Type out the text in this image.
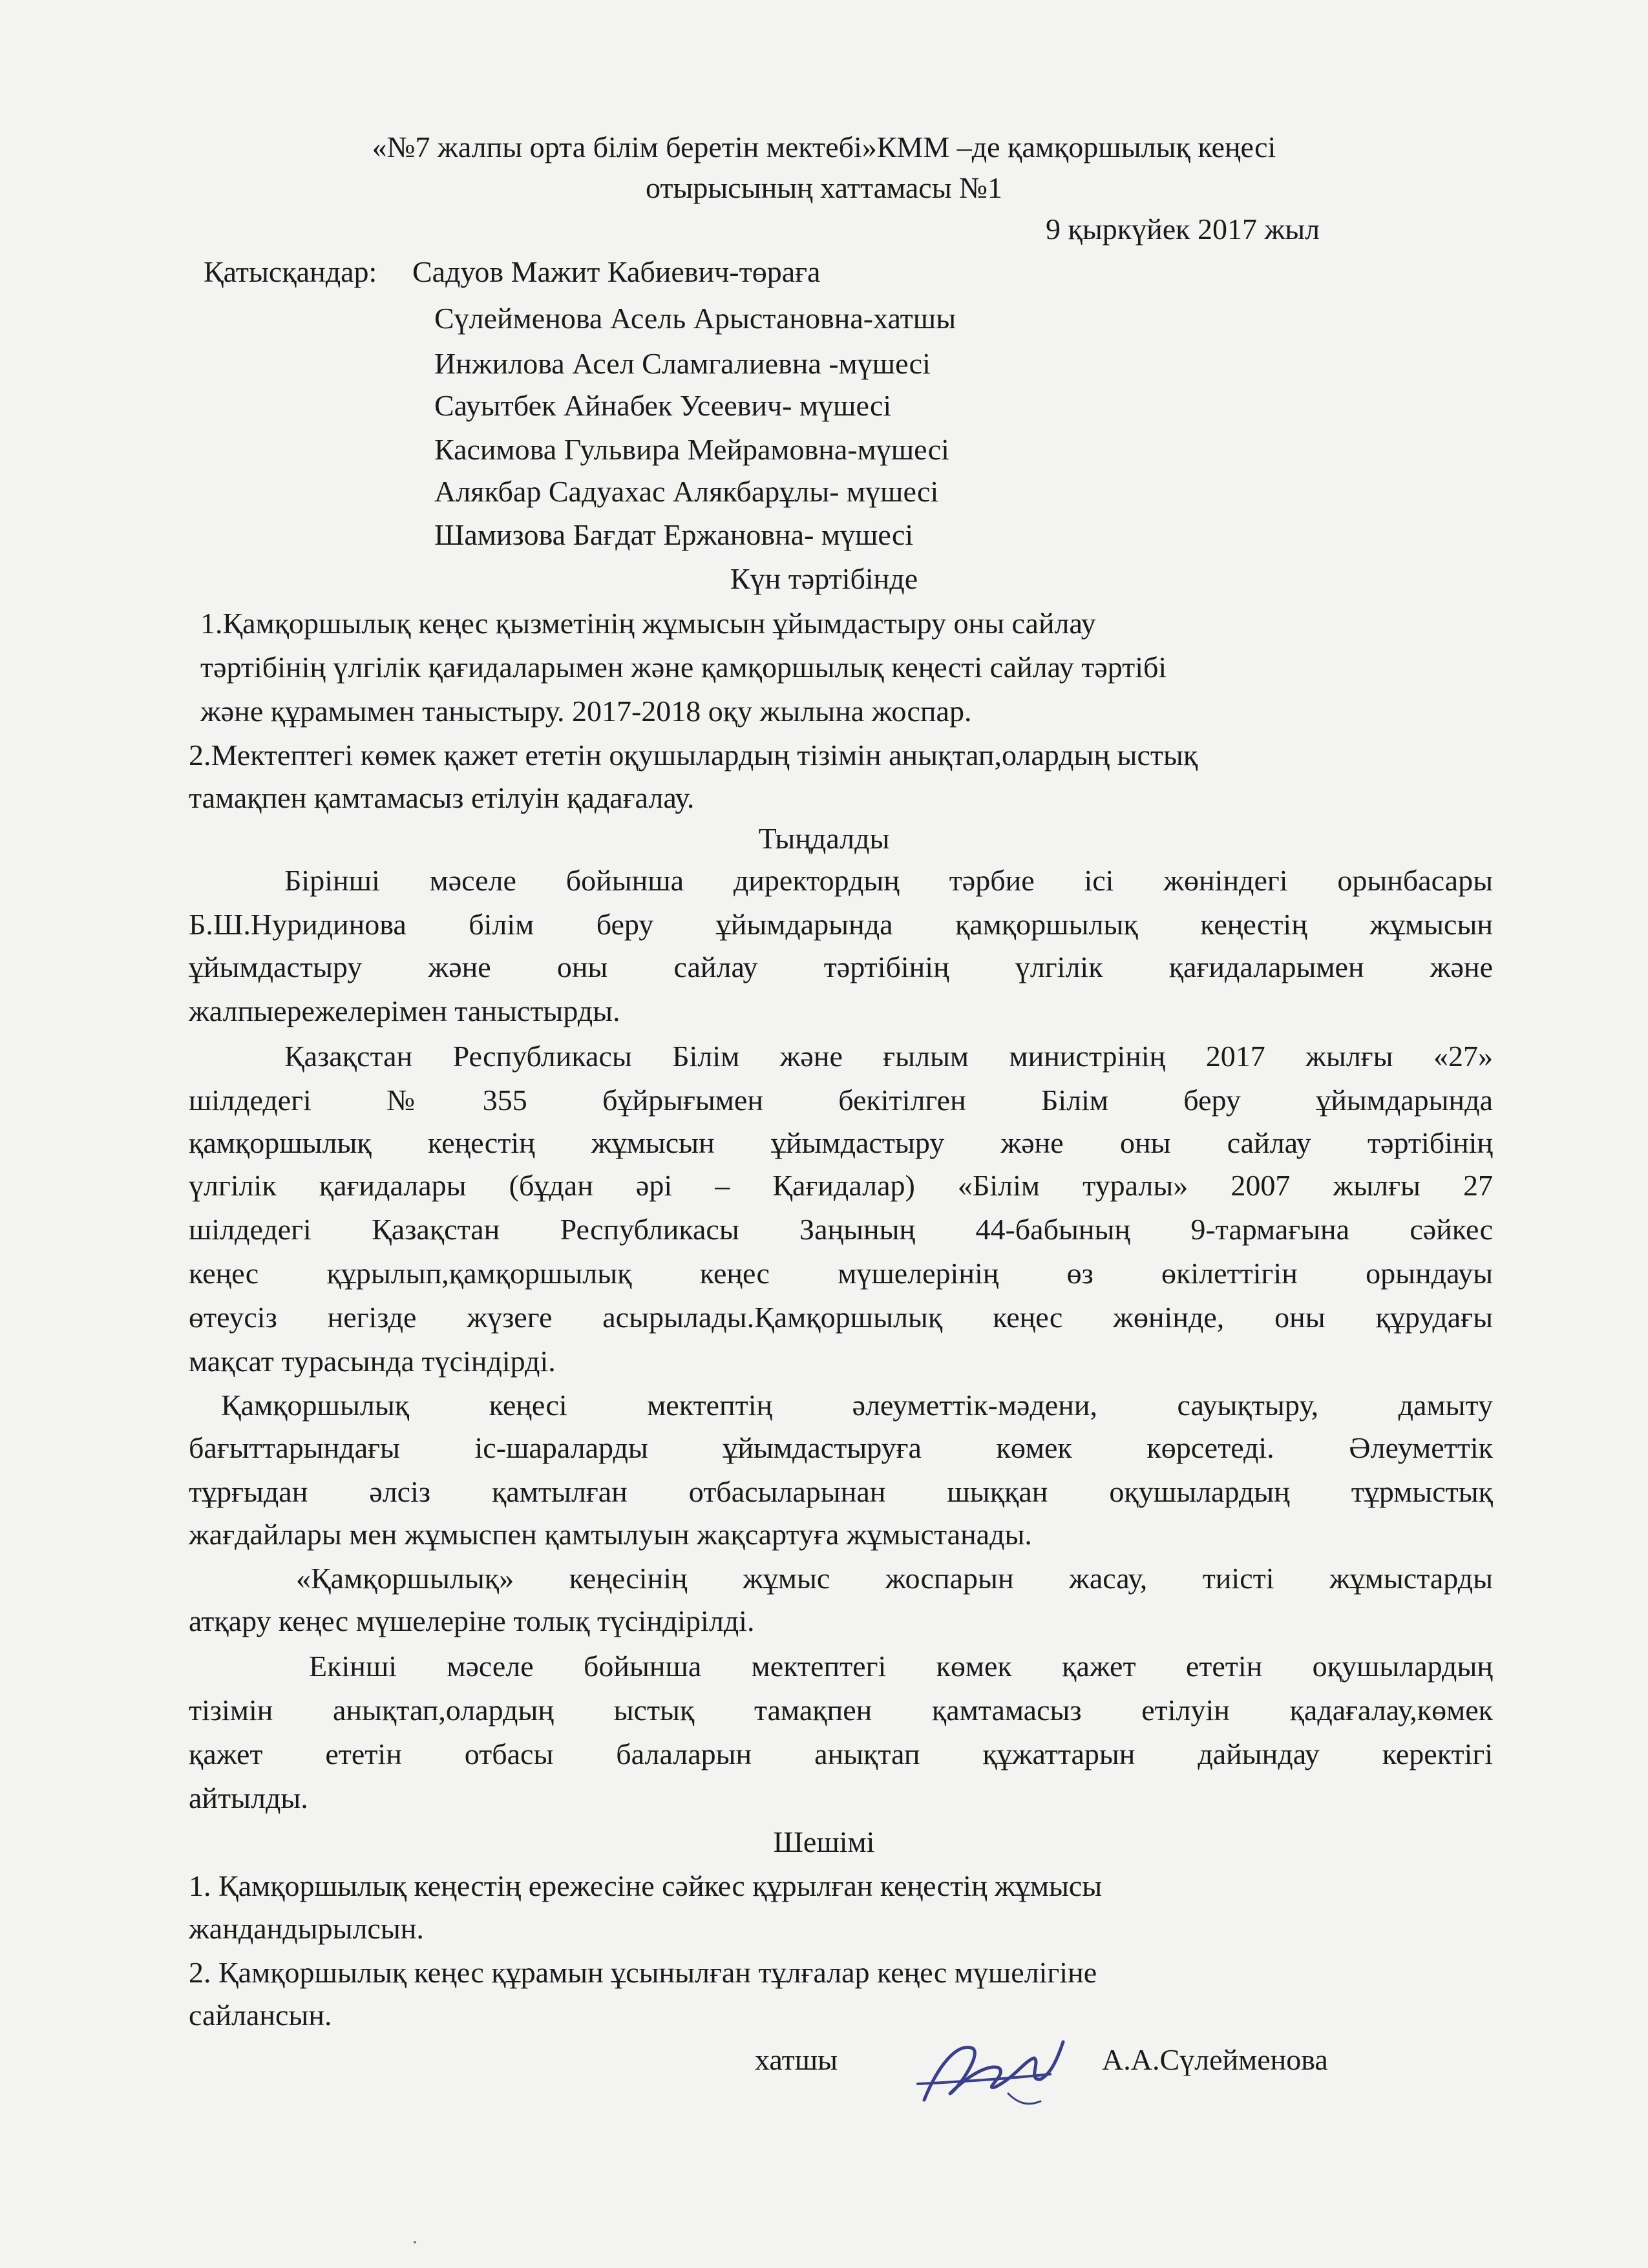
«№7 жалпы орта білім беретін мектебі»КММ –де қамқоршылық кеңесі
отырысының хаттамасы №1
9 қыркүйек 2017 жыл
Қатысқандар: Садуов Мажит Кабиевич-төраға
Сүлейменова Асель Арыстановна-хатшы
Инжилова Асел Сламгалиевна -мүшесі
Сауытбек Айнабек Усеевич- мүшесі
Касимова Гульвира Мейрамовна-мүшесі
Алякбар Садуахас Алякбарұлы- мүшесі
Шамизова Бағдат Ержановна- мүшесі
Күн тәртібінде
1.Қамқоршылық кеңес қызметінің жұмысын ұйымдастыру оны сайлау
тәртібінің үлгілік қағидаларымен және қамқоршылық кеңесті сайлау тәртібі
және құрамымен таныстыру. 2017-2018 оқу жылына жоспар.
2.Мектептегі көмек қажет ететін оқушылардың тізімін анықтап,олардың ыстық
тамақпен қамтамасыз етілуін қадағалау.
Тыңдалды
Бірінші мәселе бойынша директордың тәрбие ісі жөніндегі орынбасары
Б.Ш.Нуридинова білім беру ұйымдарында қамқоршылық кеңестің жұмысын
ұйымдастыру және оны сайлау тәртібінің үлгілік қағидаларымен және
жалпыережелерімен таныстырды.
Қазақстан Республикасы Білім және ғылым министрінің 2017 жылғы «27»
шілдедегі №355 бұйрығымен бекітілген Білім беру ұйымдарында
қамқоршылық кеңестің жұмысын ұйымдастыру және оны сайлау тәртібінің
үлгілік қағидалары (бұдан әрі – Қағидалар) «Білім туралы» 2007 жылғы 27
шілдедегі Қазақстан Республикасы Заңының 44-бабының 9-тармағына сәйкес
кеңес құрылып,қамқоршылық кеңес мүшелерінің өз өкілеттігін орындауы
өтеусіз негізде жүзеге асырылады.Қамқоршылық кеңес жөнінде, оны құрудағы
мақсат турасында түсіндірді.
Қамқоршылық кеңесі мектептің әлеуметтік-мәдени, сауықтыру, дамыту
бағыттарындағы іс-шараларды ұйымдастыруға көмек көрсетеді. Әлеуметтік
тұрғыдан әлсіз қамтылған отбасыларынан шыққан оқушылардың тұрмыстық
жағдайлары мен жұмыспен қамтылуын жақсартуға жұмыстанады.
«Қамқоршылық» кеңесінің жұмыс жоспарын жасау, тиісті жұмыстарды
атқару кеңес мүшелеріне толық түсіндірілді.
Екінші мәселе бойынша мектептегі көмек қажет ететін оқушылардың
тізімін анықтап,олардың ыстық тамақпен қамтамасыз етілуін қадағалау,көмек
қажет ететін отбасы балаларын анықтап құжаттарын дайындау керектігі
айтылды.
Шешімі
1. Қамқоршылық кеңестің ережесіне сәйкес құрылған кеңестің жұмысы
жандандырылсын.
2. Қамқоршылық кеңес құрамын ұсынылған тұлғалар кеңес мүшелігіне
сайлансын.
хатшы	А.А.Сүлейменова
